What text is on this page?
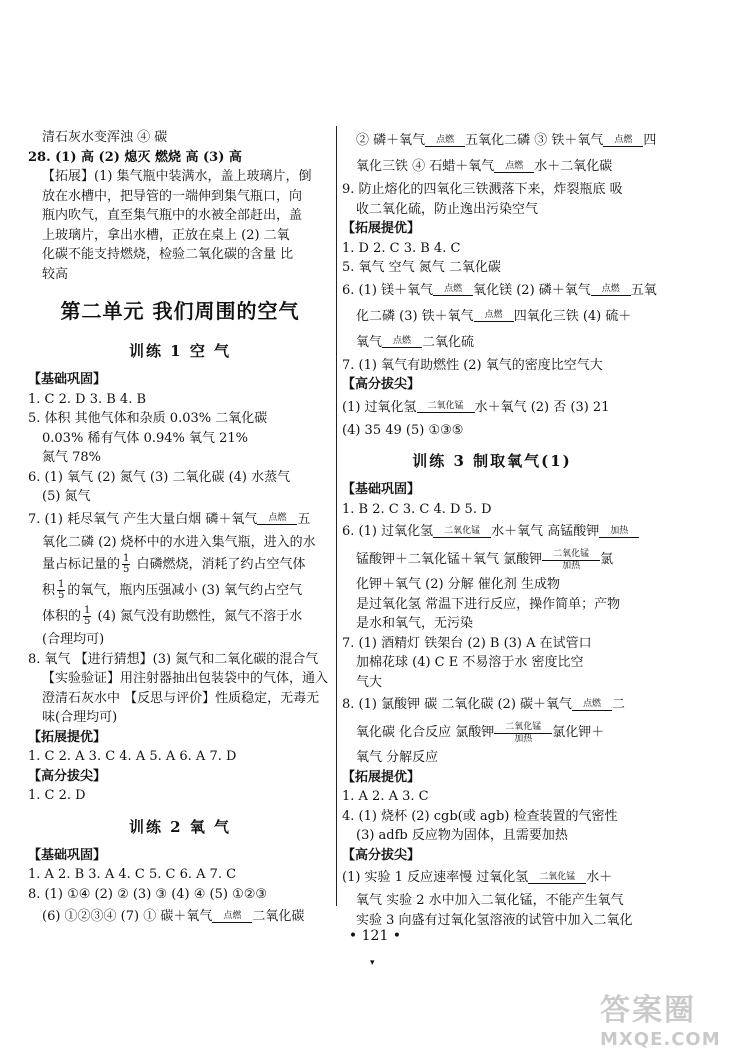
清石灰水变浑浊 ④ 碳
28. (1) 高 (2) 熄灭 燃烧 高 (3) 高
【拓展】(1) 集气瓶中装满水，盖上玻璃片，倒
放在水槽中，把导管的一端伸到集气瓶口，向
瓶内吹气，直至集气瓶中的水被全部赶出，盖
上玻璃片，拿出水槽，正放在桌上 (2) 二氧
化碳不能支持燃烧，检验二氧化碳的含量 比
较高
第二单元 我们周围的空气
训练 1 空 气
【基础巩固】
1. C 2. D 3. B 4. B
5. 体积 其他气体和杂质 0.03% 二氧化碳
0.03% 稀有气体 0.94% 氧气 21%
氮气 78%
6. (1) 氧气 (2) 氮气 (3) 二氧化碳 (4) 水蒸气
(5) 氮气
7. (1) 耗尽氧气 产生大量白烟 磷＋氧气	点燃 五
氧化二磷 (2) 烧杯中的水进入集气瓶，进入的水
量占标记量的 $\frac{1}{5}$ 白磷燃烧，消耗了约占空气体
积 $\frac{1}{5}$ 的氧气，瓶内压强减小 (3) 氧气约占空气
体积的 $\frac{1}{5} (4)$ 氮气没有助燃性，氮气不溶于水
(合理均可)
8. 氧气 【进行猜想】(3) 氮气和二氧化碳的混合气
【实验验证】用注射器抽出包装袋中的气体，通入
澄清石灰水中 【反思与评价】性质稳定，无毒无
味(合理均可)
【拓展提优】
1. C 2. A 3. C 4. A 5. A 6. A 7. D
【高分拔尖】
1. C 2. D
训练 2 氧 气
【基础巩固】
1. A 2. B 3. A 4. C 5. C 6. A 7. C
8. (1) ①④ (2) ② (3) ③ (4) ④ (5) ①②③
(6) ①②③④ (7) ① 碳＋氧气	点燃 二氧化碳
② 磷＋氧气	点燃 五氧化二磷 ③ 铁＋氧气	点燃 四
氧化三铁 ④ 石蜡＋氧气	点燃 水＋二氧化碳
9. 防止熔化的四氧化三铁溅落下来，炸裂瓶底 吸
收二氧化硫，防止逸出污染空气
【拓展提优】
1. D 2. C 3. B 4. C
5. 氧气 空气 氮气 二氧化碳
6. (1) 镁＋氧气	点燃 氧化镁 (2) 磷＋氧气	点燃 五氧
化二磷 (3) 铁＋氧气	点燃 四氧化三铁 (4) 硫＋
氧气	点燃 二氧化硫
7. (1) 氧气有助燃性 (2) 氧气的密度比空气大
【高分拔尖】
(1) 过氧化氢	二氧化锰 水＋氧气 (2) 否 (3) 21
(4) 35 49 (5) ①③⑤
训练 3 制取氧气(1)
【基础巩固】
1. B 2. C 3. C 4. D 5. D
6. (1) 过氧化氢	二氧化锰 水＋氧气 高锰酸钾	加热
锰酸钾＋二氧化锰＋氧气 氯酸钾	二氧化锰
加热	氯
化钾＋氧气 (2) 分解 催化剂 生成物
是过氧化氢 常温下进行反应，操作简单；产物
是水和氧气，无污染
7. (1) 酒精灯 铁架台 (2) B (3) A 在试管口
加棉花球 (4) C E 不易溶于水 密度比空
气大
8. (1) 氯酸钾 碳 二氧化碳 (2) 碳＋氧气	点燃 二
氧化碳 化合反应 氯酸钾	二氧化锰
加热	氯化钾＋
氧气 分解反应
【拓展提优】
1. A 2. A 3. C
4. (1) 烧杯 (2) cgb(或 agb) 检查装置的气密性
(3) adfb 反应物为固体，且需要加热
【高分拔尖】
(1) 实验 1 反应速率慢 过氧化氢	二氧化锰 水＋
氧气 实验 2 水中加入二氧化锰，不能产生氧气
实验 3 向盛有过氧化氢溶液的试管中加入二氧化
• 121 •
▾
答案圈
MXQE.COM
